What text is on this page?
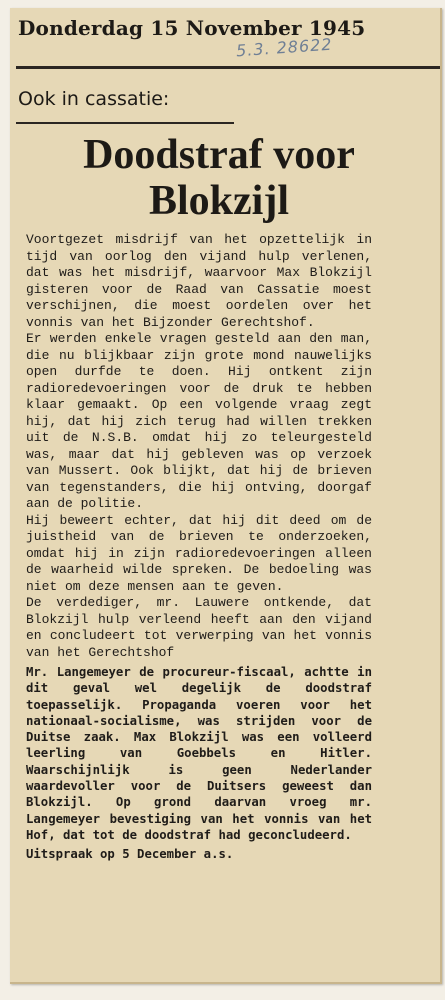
Donderdag 15 November 1945
5.3. 28622
Ook in cassatie:
Doodstraf voor
Blokzijl

Voortgezet misdrijf van het opzettelijk in tijd van oorlog den vijand hulp verlenen, dat was het misdrijf, waarvoor Max Blokzijl gisteren voor de Raad van Cassatie moest verschijnen, die moest oordelen over het vonnis van het Bijzonder Gerechtshof.

Er werden enkele vragen gesteld aan den man, die nu blijkbaar zijn grote mond nauwelijks open durfde te doen. Hij ontkent zijn radioredevoeringen voor de druk te hebben klaar gemaakt. Op een volgende vraag zegt hij, dat hij zich terug had willen trekken uit de N.S.B. omdat hij zo teleurgesteld was, maar dat hij gebleven was op verzoek van Mussert. Ook blijkt, dat hij de brieven van tegenstanders, die hij ontving, doorgaf aan de politie.

Hij beweert echter, dat hij dit deed om de juistheid van de brieven te onderzoeken, omdat hij in zijn radioredevoeringen alleen de waarheid wilde spreken. De bedoeling was niet om deze mensen aan te geven.

De verdediger, mr. Lauwere ontkende, dat Blokzijl hulp verleend heeft aan den vijand en concludeert tot verwerping van het vonnis van het Gerechtshof

Mr. Langemeyer de procureur-fiscaal, achtte in dit geval wel degelijk de doodstraf toepasselijk. Propaganda voeren voor het nationaal-socialisme, was strijden voor de Duitse zaak. Max Blokzijl was een volleerd leerling van Goebbels en Hitler. Waarschijnlijk is geen Nederlander waardevoller voor de Duitsers geweest dan Blokzijl. Op grond daarvan vroeg mr. Langemeyer bevestiging van het vonnis van het Hof, dat tot de doodstraf had geconcludeerd.

Uitspraak op 5 December a.s.
